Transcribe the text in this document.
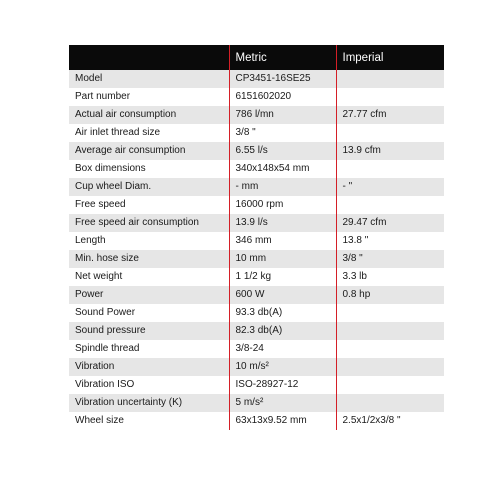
	Metric	Imperial
Model	CP3451-16SE25	
Part number	6151602020	
Actual air consumption	786 l/mn	27.77 cfm
Air inlet thread size	3/8 "	
Average air consumption	6.55 l/s	13.9 cfm
Box dimensions	340x148x54 mm	
Cup wheel Diam.	- mm	- "
Free speed	16000 rpm	
Free speed air consumption	13.9 l/s	29.47 cfm
Length	346 mm	13.8 "
Min. hose size	10 mm	3/8 "
Net weight	1 1/2 kg	3.3 lb
Power	600 W	0.8 hp
Sound Power	93.3 db(A)	
Sound pressure	82.3 db(A)	
Spindle thread	3/8-24	
Vibration	10 m/s²	
Vibration ISO	ISO-28927-12	
Vibration uncertainty (K)	5 m/s²	
Wheel size	63x13x9.52 mm	2.5x1/2x3/8 "
